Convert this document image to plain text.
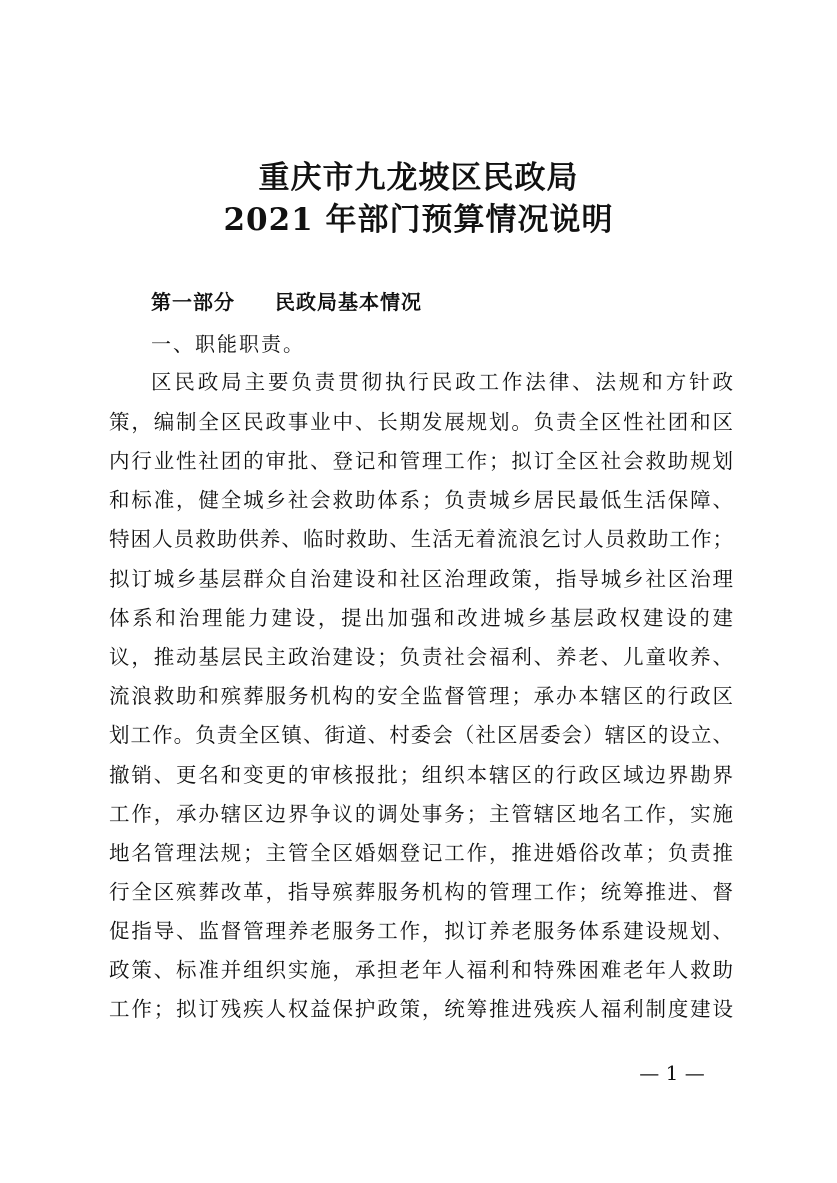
重庆市九龙坡区民政局
2021 年部门预算情况说明
第一部分 民政局基本情况
一、职能职责。
区民政局主要负责贯彻执行民政工作法律、法规和方针政
策，编制全区民政事业中、长期发展规划。负责全区性社团和区
内行业性社团的审批、登记和管理工作；拟订全区社会救助规划
和标准，健全城乡社会救助体系；负责城乡居民最低生活保障、
特困人员救助供养、临时救助、生活无着流浪乞讨人员救助工作；
拟订城乡基层群众自治建设和社区治理政策，指导城乡社区治理
体系和治理能力建设，提出加强和改进城乡基层政权建设的建
议，推动基层民主政治建设；负责社会福利、养老、儿童收养、
流浪救助和殡葬服务机构的安全监督管理；承办本辖区的行政区
划工作。负责全区镇、街道、村委会（社区居委会）辖区的设立、
撤销、更名和变更的审核报批；组织本辖区的行政区域边界勘界
工作，承办辖区边界争议的调处事务；主管辖区地名工作，实施
地名管理法规；主管全区婚姻登记工作，推进婚俗改革；负责推
行全区殡葬改革，指导殡葬服务机构的管理工作；统筹推进、督
促指导、监督管理养老服务工作，拟订养老服务体系建设规划、
政策、标准并组织实施，承担老年人福利和特殊困难老年人救助
工作；拟订残疾人权益保护政策，统筹推进残疾人福利制度建设
— 1 —
